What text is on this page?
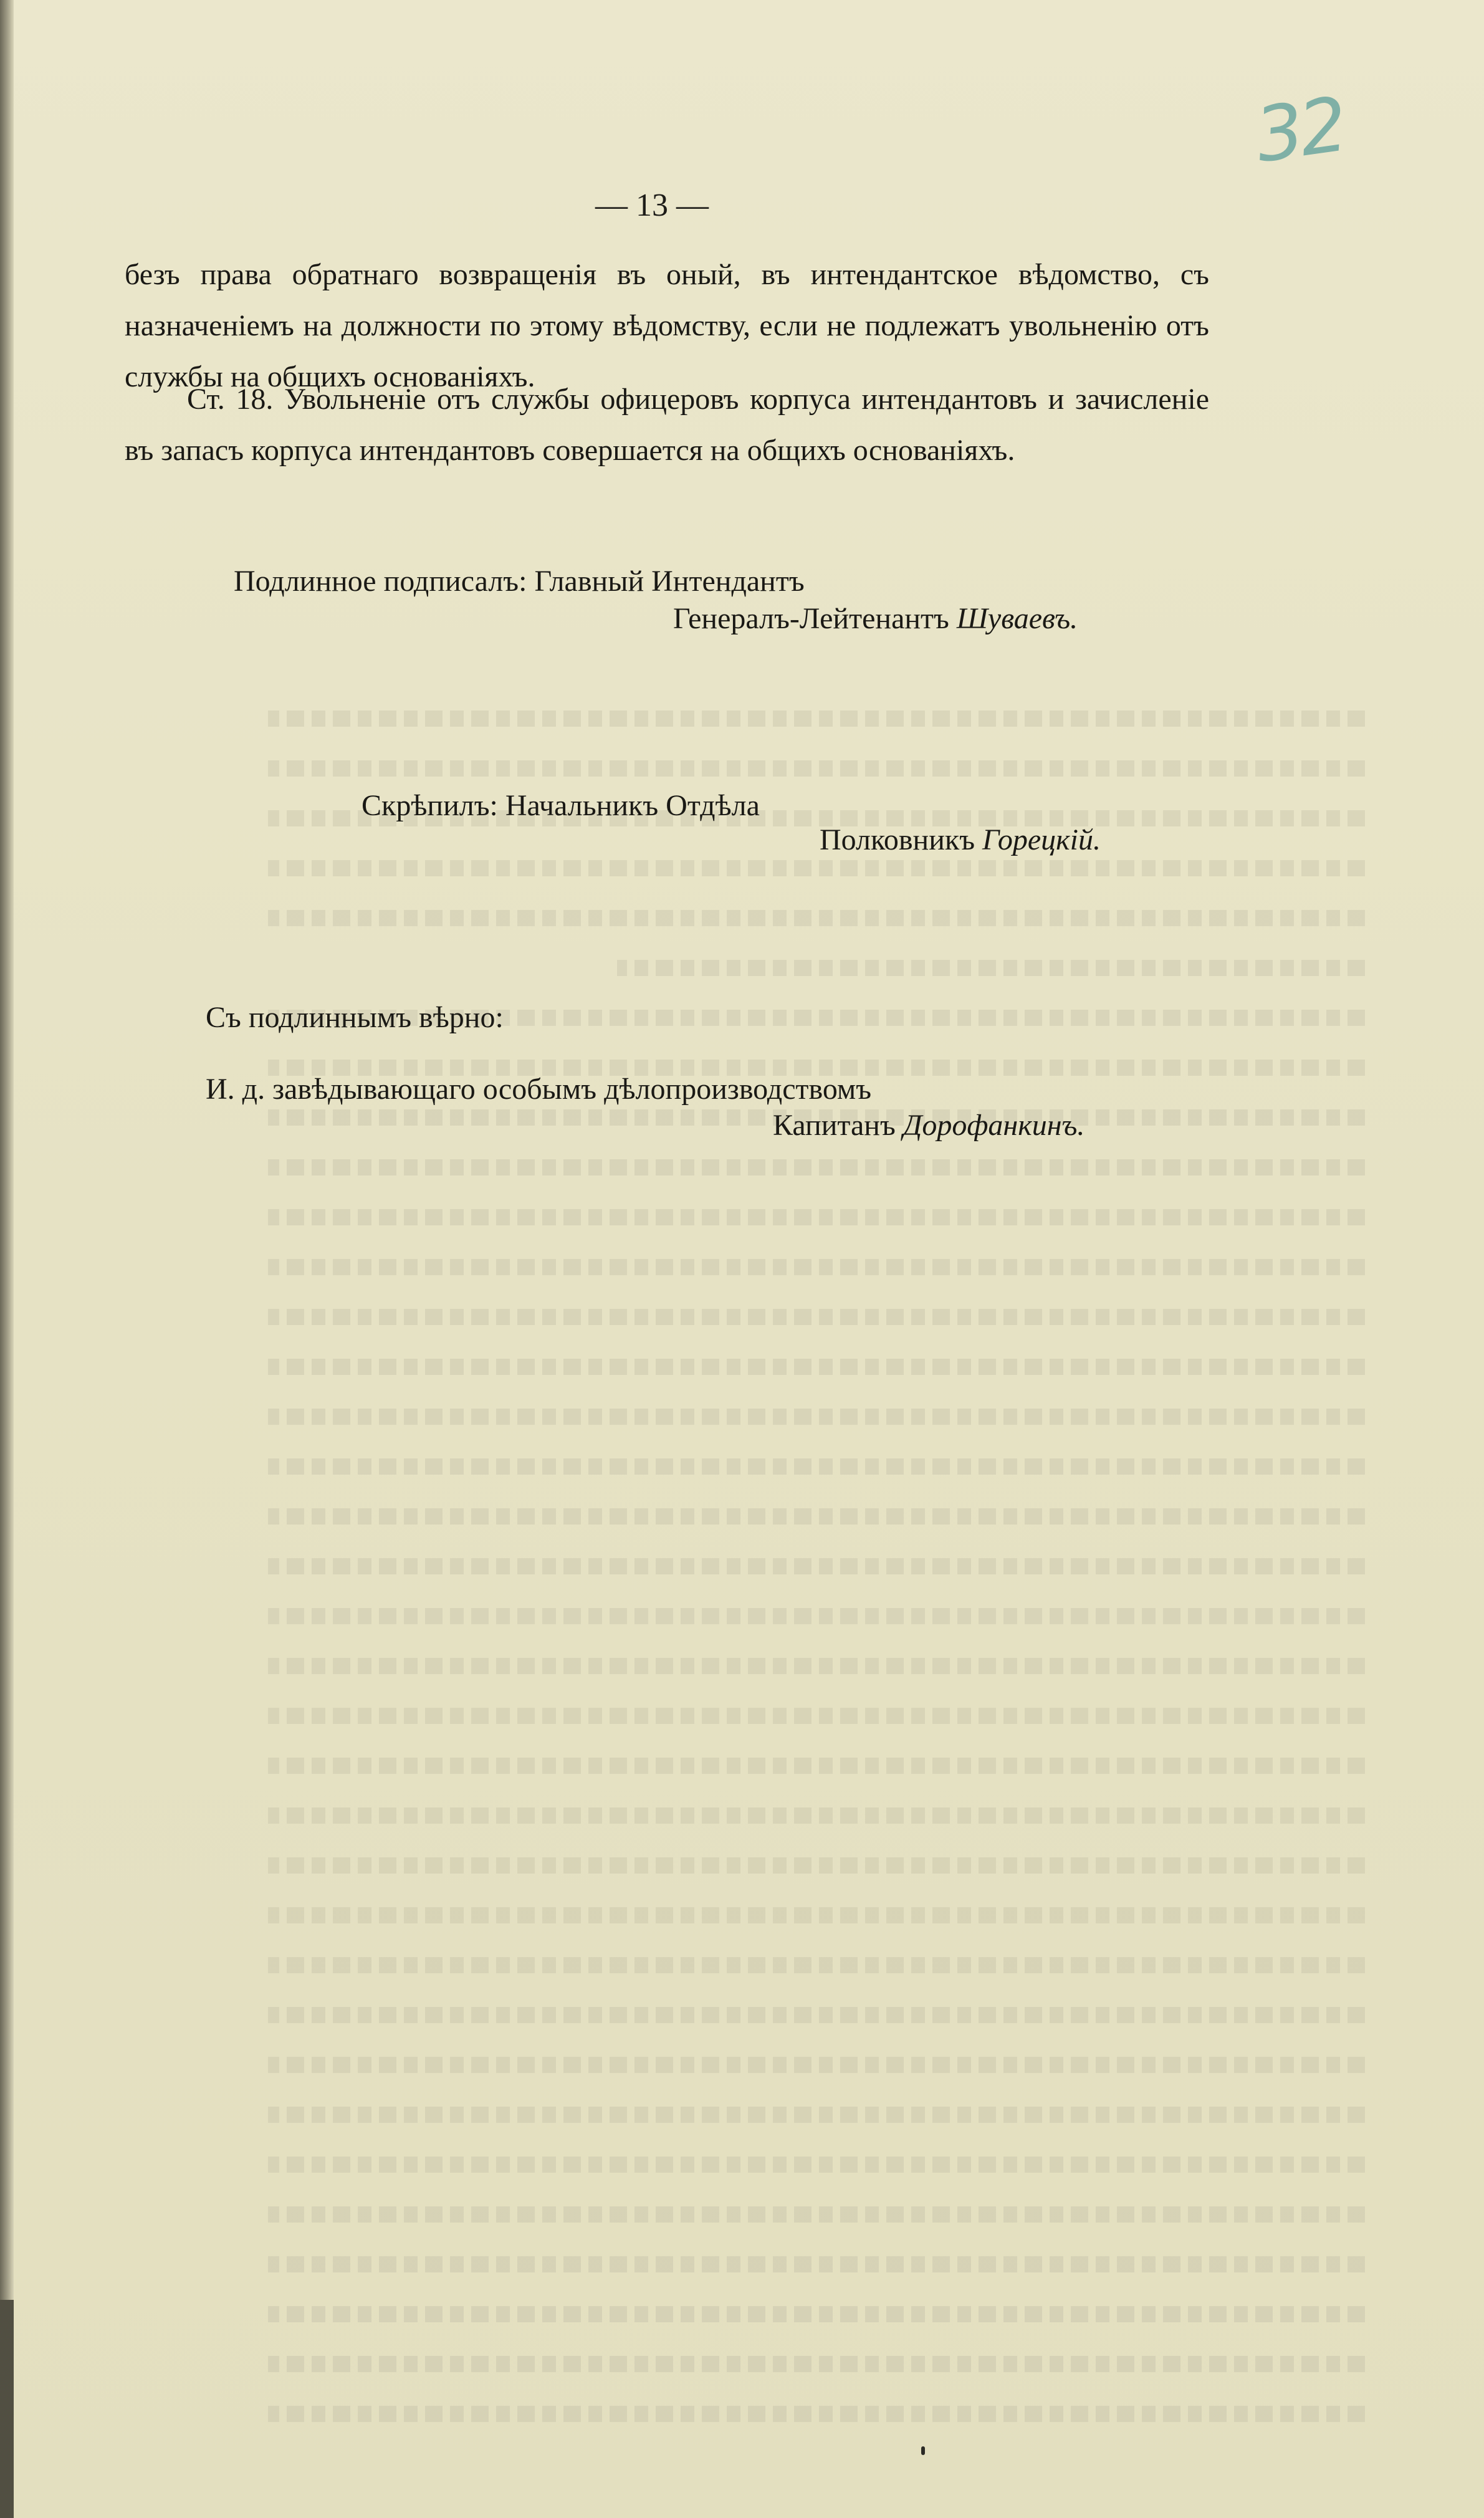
32
— 13 —
безъ права обратнаго возвращенія въ оный, въ интендантское вѣдомство, съ назначеніемъ на должности по этому вѣдомству, если не подлежатъ увольненію отъ службы на общихъ основаніяхъ.
Ст. 18. Увольненіе отъ службы офицеровъ корпуса интендантовъ и зачисленіе въ запасъ корпуса интендантовъ совершается на общихъ основаніяхъ.
Подлинное подписалъ: Главный Интендантъ
Генералъ-Лейтенантъ Шуваевъ.
Скрѣпилъ: Начальникъ Отдѣла
Полковникъ Горецкій.
Съ подлиннымъ вѣрно:
И. д. завѣдывающаго особымъ дѣлопроизводствомъ
Капитанъ Дорофанкинъ.
